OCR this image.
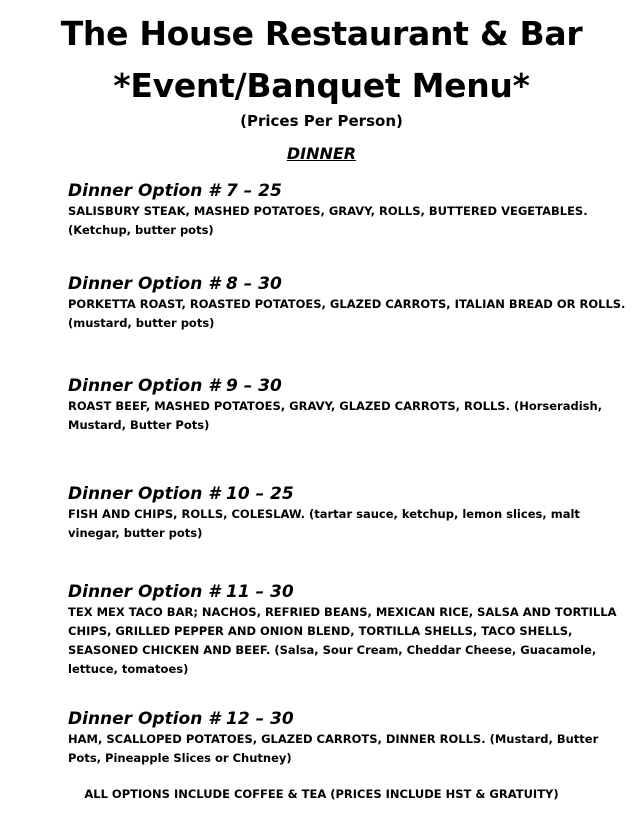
The House Restaurant & Bar
*Event/Banquet Menu*
(Prices Per Person)
DINNER
Dinner Option # 7 – 25
SALISBURY STEAK, MASHED POTATOES, GRAVY, ROLLS, BUTTERED VEGETABLES. (Ketchup, butter pots)
Dinner Option # 8 – 30
PORKETTA ROAST, ROASTED POTATOES, GLAZED CARROTS, ITALIAN BREAD OR ROLLS. (mustard, butter pots)
Dinner Option # 9 – 30
ROAST BEEF, MASHED POTATOES, GRAVY, GLAZED CARROTS, ROLLS. (Horseradish, Mustard, Butter Pots)
Dinner Option # 10 – 25
FISH AND CHIPS, ROLLS, COLESLAW. (tartar sauce, ketchup, lemon slices, malt vinegar, butter pots)
Dinner Option # 11 – 30
TEX MEX TACO BAR; NACHOS, REFRIED BEANS, MEXICAN RICE, SALSA AND TORTILLA CHIPS, GRILLED PEPPER AND ONION BLEND, TORTILLA SHELLS, TACO SHELLS, SEASONED CHICKEN AND BEEF. (Salsa, Sour Cream, Cheddar Cheese, Guacamole, lettuce, tomatoes)
Dinner Option # 12 – 30
HAM, SCALLOPED POTATOES, GLAZED CARROTS, DINNER ROLLS. (Mustard, Butter Pots, Pineapple Slices or Chutney)
ALL OPTIONS INCLUDE COFFEE & TEA (PRICES INCLUDE HST & GRATUITY)
